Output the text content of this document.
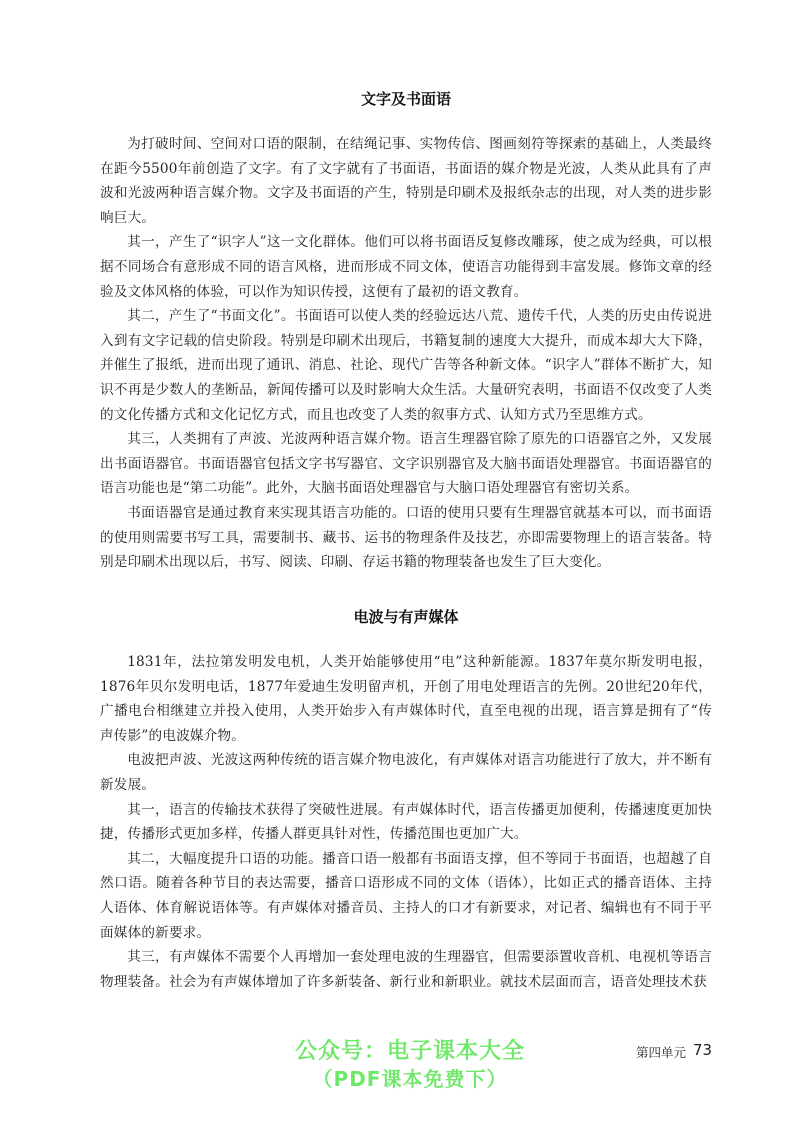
文字及书面语

为打破时间、空间对口语的限制，在结绳记事、实物传信、图画刻符等探索的基础上，人类最终在距今5500年前创造了文字。有了文字就有了书面语，书面语的媒介物是光波，人类从此具有了声波和光波两种语言媒介物。文字及书面语的产生，特别是印刷术及报纸杂志的出现，对人类的进步影响巨大。

其一，产生了“识字人”这一文化群体。他们可以将书面语反复修改雕琢，使之成为经典，可以根据不同场合有意形成不同的语言风格，进而形成不同文体，使语言功能得到丰富发展。修饰文章的经验及文体风格的体验，可以作为知识传授，这便有了最初的语文教育。

其二，产生了“书面文化”。书面语可以使人类的经验远达八荒、遗传千代，人类的历史由传说进入到有文字记载的信史阶段。特别是印刷术出现后，书籍复制的速度大大提升，而成本却大大下降，并催生了报纸，进而出现了通讯、消息、社论、现代广告等各种新文体。“识字人”群体不断扩大，知识不再是少数人的垄断品，新闻传播可以及时影响大众生活。大量研究表明，书面语不仅改变了人类的文化传播方式和文化记忆方式，而且也改变了人类的叙事方式、认知方式乃至思维方式。

其三，人类拥有了声波、光波两种语言媒介物。语言生理器官除了原先的口语器官之外，又发展出书面语器官。书面语器官包括文字书写器官、文字识别器官及大脑书面语处理器官。书面语器官的语言功能也是“第二功能”。此外，大脑书面语处理器官与大脑口语处理器官有密切关系。

书面语器官是通过教育来实现其语言功能的。口语的使用只要有生理器官就基本可以，而书面语的使用则需要书写工具，需要制书、藏书、运书的物理条件及技艺，亦即需要物理上的语言装备。特别是印刷术出现以后，书写、阅读、印刷、存运书籍的物理装备也发生了巨大变化。

电波与有声媒体

1831年，法拉第发明发电机，人类开始能够使用“电”这种新能源。1837年莫尔斯发明电报，1876年贝尔发明电话，1877年爱迪生发明留声机，开创了用电处理语言的先例。20世纪20年代，广播电台相继建立并投入使用，人类开始步入有声媒体时代，直至电视的出现，语言算是拥有了“传声传影”的电波媒介物。

电波把声波、光波这两种传统的语言媒介物电波化，有声媒体对语言功能进行了放大，并不断有新发展。

其一，语言的传输技术获得了突破性进展。有声媒体时代，语言传播更加便利，传播速度更加快捷，传播形式更加多样，传播人群更具针对性，传播范围也更加广大。

其二，大幅度提升口语的功能。播音口语一般都有书面语支撑，但不等同于书面语，也超越了自然口语。随着各种节目的表达需要，播音口语形成不同的文体（语体），比如正式的播音语体、主持人语体、体育解说语体等。有声媒体对播音员、主持人的口才有新要求，对记者、编辑也有不同于平面媒体的新要求。

其三，有声媒体不需要个人再增加一套处理电波的生理器官，但需要添置收音机、电视机等语言物理装备。社会为有声媒体增加了许多新装备、新行业和新职业。就技术层面而言，语音处理技术获

公众号：电子课本大全
（PDF课本免费下）
第四单元 73
